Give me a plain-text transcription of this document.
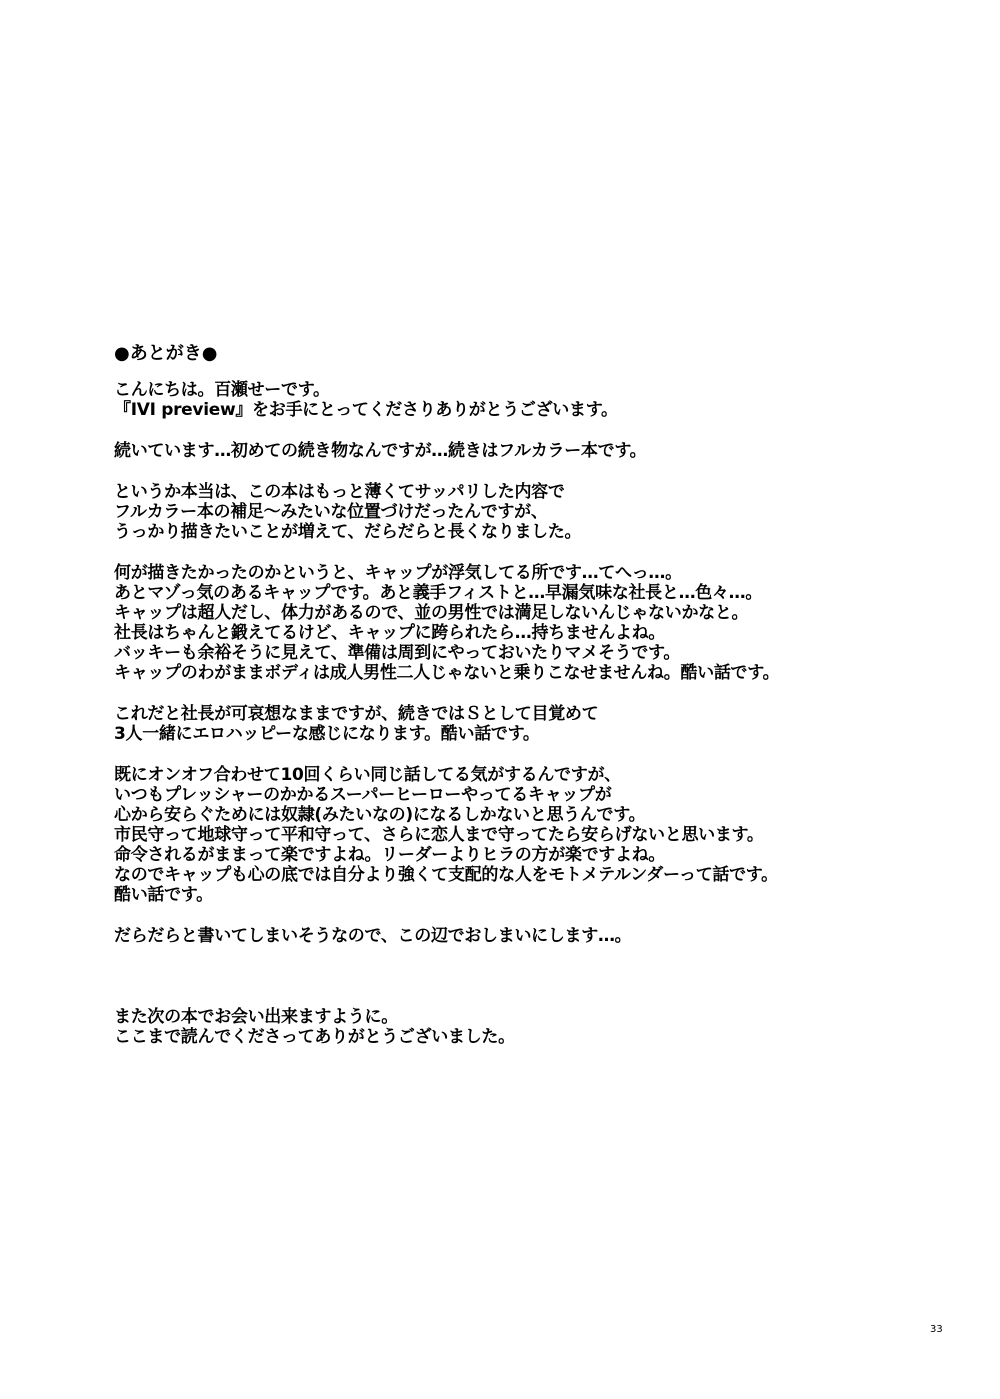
●あとがき●
こんにちは。百瀬せーです。
『IVI preview』をお手にとってくださりありがとうございます。
続いています…初めての続き物なんですが…続きはフルカラー本です。
というか本当は、この本はもっと薄くてサッパリした内容で
フルカラー本の補足～みたいな位置づけだったんですが、
うっかり描きたいことが増えて、だらだらと長くなりました。
何が描きたかったのかというと、キャップが浮気してる所です…てへっ…。
あとマゾっ気のあるキャップです。あと義手フィストと…早漏気味な社長と…色々…。
キャップは超人だし、体力があるので、並の男性では満足しないんじゃないかなと。
社長はちゃんと鍛えてるけど、キャップに跨られたら…持ちませんよね。
バッキーも余裕そうに見えて、準備は周到にやっておいたりマメそうです。
キャップのわがままボディは成人男性二人じゃないと乗りこなせませんね。酷い話です。
これだと社長が可哀想なままですが、続きではＳとして目覚めて
3人一緒にエロハッピーな感じになります。酷い話です。
既にオンオフ合わせて10回くらい同じ話してる気がするんですが、
いつもプレッシャーのかかるスーパーヒーローやってるキャップが
心から安らぐためには奴隷(みたいなの)になるしかないと思うんです。
市民守って地球守って平和守って、さらに恋人まで守ってたら安らげないと思います。
命令されるがままって楽ですよね。リーダーよりヒラの方が楽ですよね。
なのでキャップも心の底では自分より強くて支配的な人をモトメテルンダーって話です。
酷い話です。
だらだらと書いてしまいそうなので、この辺でおしまいにします…。
また次の本でお会い出来ますように。
ここまで読んでくださってありがとうございました。
33
